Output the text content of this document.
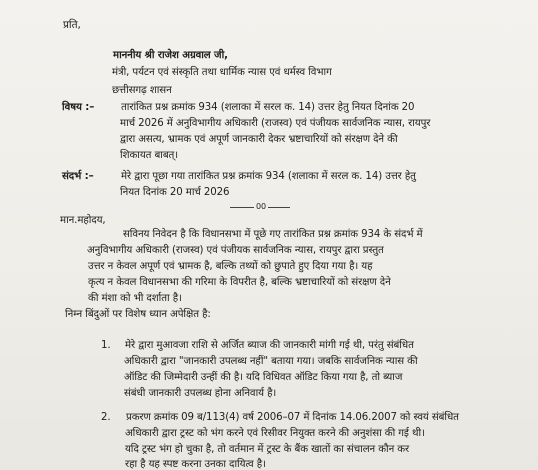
प्रति,
माननीय श्री राजेश अग्रवाल जी,
मंत्री, पर्यटन एवं संस्कृति तथा धार्मिक न्यास एवं धर्मस्व विभाग
छत्तीसगढ़ शासन
विषय :–	तारांकित प्रश्न क्रमांक 934 (शलाका में सरल क. 14) उत्तर हेतु नियत दिनांक 20
मार्च 2026 में अनुविभागीय अधिकारी (राजस्व) एवं पंजीयक सार्वजनिक न्यास, रायपुर
द्वारा असत्य, भ्रामक एवं अपूर्ण जानकारी देकर भ्रष्टाचारियों को संरक्षण देने की
शिकायत बाबत्।
संदर्भ :–	मेरे द्वारा पूछा गया तारांकित प्रश्न क्रमांक 934 (शलाका में सरल क. 14) उत्तर हेतु
नियत दिनांक 20 मार्च 2026
00
मान.महोदय,
सविनय निवेदन है कि विधानसभा में पूछे गए तारांकित प्रश्न क्रमांक 934 के संदर्भ में
अनुविभागीय अधिकारी (राजस्व) एवं पंजीयक सार्वजनिक न्यास, रायपुर द्वारा प्रस्तुत
उत्तर न केवल अपूर्ण एवं भ्रामक है, बल्कि तथ्यों को छुपाते हुए दिया गया है। यह
कृत्य न केवल विधानसभा की गरिमा के विपरीत है, बल्कि भ्रष्टाचारियों को संरक्षण देने
की मंशा को भी दर्शाता है।
निम्न बिंदुओं पर विशेष ध्यान अपेक्षित है:
1. मेरे द्वारा मुआवजा राशि से अर्जित ब्याज की जानकारी मांगी गई थी, परंतु संबंधित
अधिकारी द्वारा "जानकारी उपलब्ध नहीं" बताया गया। जबकि सार्वजनिक न्यास की
ऑडिट की जिम्मेदारी उन्हीं की है। यदि विधिवत ऑडिट किया गया है, तो ब्याज
संबंधी जानकारी उपलब्ध होना अनिवार्य है।
2. प्रकरण क्रमांक 09 ब/113(4) वर्ष 2006–07 में दिनांक 14.06.2007 को स्वयं संबंधित
अधिकारी द्वारा ट्रस्ट को भंग करने एवं रिसीवर नियुक्त करने की अनुशंसा की गई थी।
यदि ट्रस्ट भंग हो चुका है, तो वर्तमान में ट्रस्ट के बैंक खातों का संचालन कौन कर
रहा है यह स्पष्ट करना उनका दायित्व है।
